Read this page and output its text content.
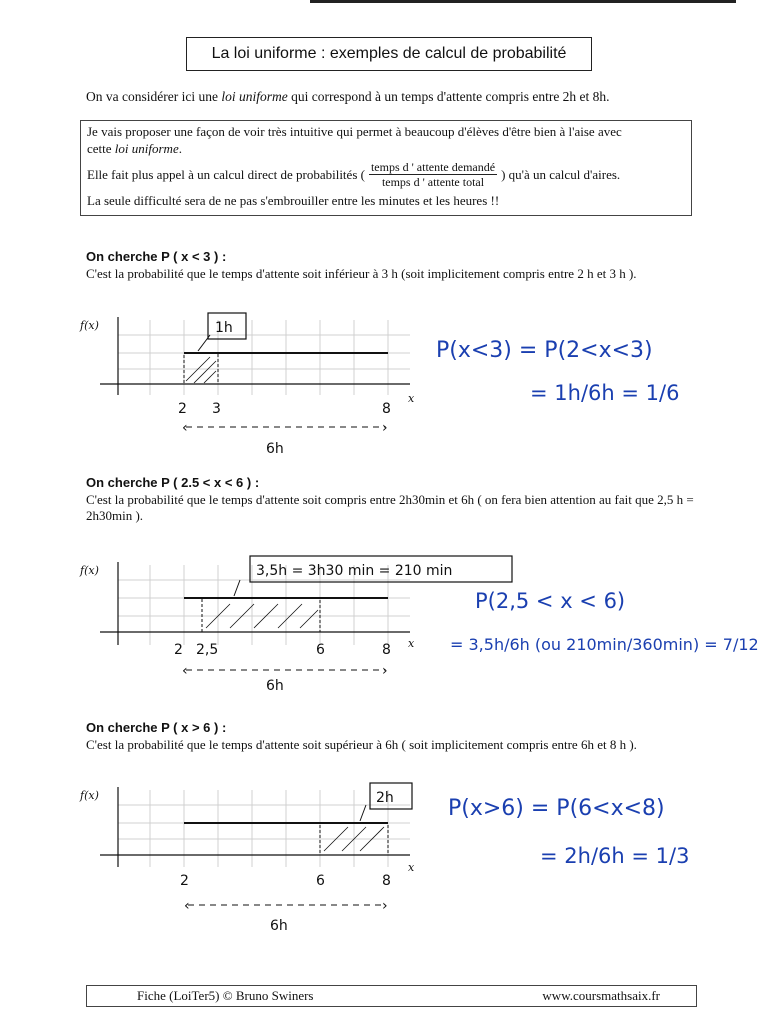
La loi uniforme : exemples de calcul de probabilité
On va considérer ici une loi uniforme qui correspond à un temps d'attente compris entre 2h et 8h.

Je vais proposer une façon de voir très intuitive qui permet à beaucoup d'élèves d'être bien à l'aise avec

cette loi uniforme.

Elle fait plus appel à un calcul direct de probabilités ( $\frac{\text{temps d ' attente demandé}}{\text{temps d ' attente total}}$ ) qu'à un calcul d'aires.

La seule difficulté sera de ne pas s'embrouiller entre les minutes et les heures !!

On cherche P ( x < 3 ) :
C'est la probabilité que le temps d'attente soit inférieur à 3 h (soit implicitement compris entre 2 h et 3 h ).
f(x)
x
1h
2 3	8
‹	›
6h
P(x<3) = P(2<x<3)
= 1h/6h = 1/6
On cherche P ( 2.5 < x < 6 ) :
C'est la probabilité que le temps d'attente soit compris entre 2h30min et 6h ( on fera bien attention au fait que 2,5 h = 2h30min ).
f(x)
x
3,5h = 3h30 min = 210 min
2 2,5	6	8
‹	›
6h
P(2,5 < x < 6)
= 3,5h/6h (ou 210min/360min) = 7/12
On cherche P ( x > 6 ) :
C'est la probabilité que le temps d'attente soit supérieur à 6h ( soit implicitement compris entre 6h et 8 h ).
f(x)
x
2h
2	6	8
‹	›
6h
P(x>6) = P(6<x<8)
= 2h/6h = 1/3
Fiche (LoiTer5) © Bruno Swiners	www.coursmathsaix.fr
